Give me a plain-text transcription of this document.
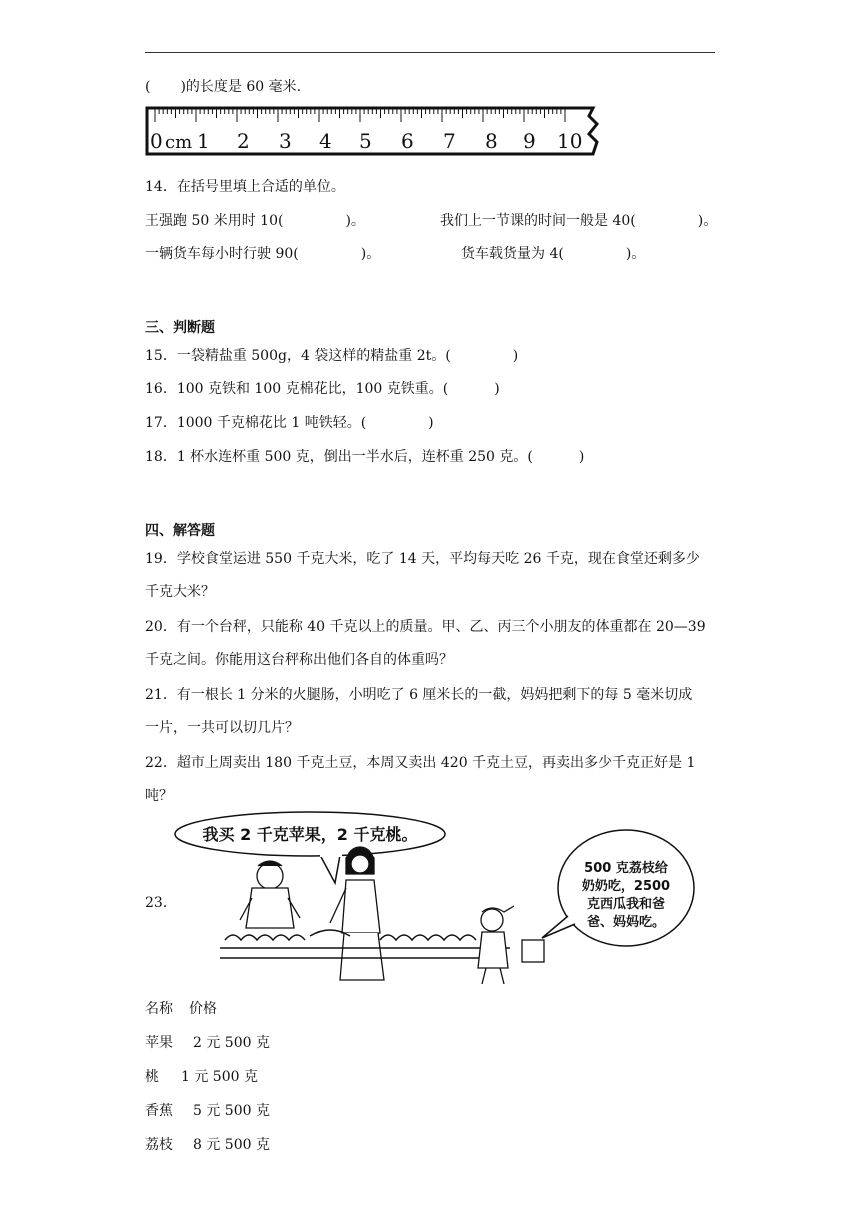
( )的长度是 60 毫米.
0 cm 1 2 3 4 5 6 7 8 9 10
14．在括号里填上合适的单位。
王强跑 50 米用时 10(	)。	我们上一节课的时间一般是 40(	)。
一辆货车每小时行驶 90(	)。	货车载货量为 4(	)。
三、判断题
15．一袋精盐重 500g，4 袋这样的精盐重 2t。(	)
16．100 克铁和 100 克棉花比，100 克铁重。(	)
17．1000 千克棉花比 1 吨铁轻。(	)
18．1 杯水连杯重 500 克，倒出一半水后，连杯重 250 克。(	)
四、解答题
19．学校食堂运进 550 千克大米，吃了 14 天，平均每天吃 26 千克，现在食堂还剩多少
千克大米？
20．有一个台秤，只能称 40 千克以上的质量。甲、乙、丙三个小朋友的体重都在 20—39
千克之间。你能用这台秤称出他们各自的体重吗？
21．有一根长 1 分米的火腿肠，小明吃了 6 厘米长的一截，妈妈把剩下的每 5 毫米切成
一片，一共可以切几片？
22．超市上周卖出 180 千克土豆，本周又卖出 420 千克土豆，再卖出多少千克正好是 1
吨？
23．
我买 2 千克苹果，2 千克桃。
500 克荔枝给
奶奶吃，2500
克西瓜我和爸
爸、妈妈吃。
名称 价格
苹果 2 元 500 克
桃 1 元 500 克
香蕉 5 元 500 克
荔枝 8 元 500 克
